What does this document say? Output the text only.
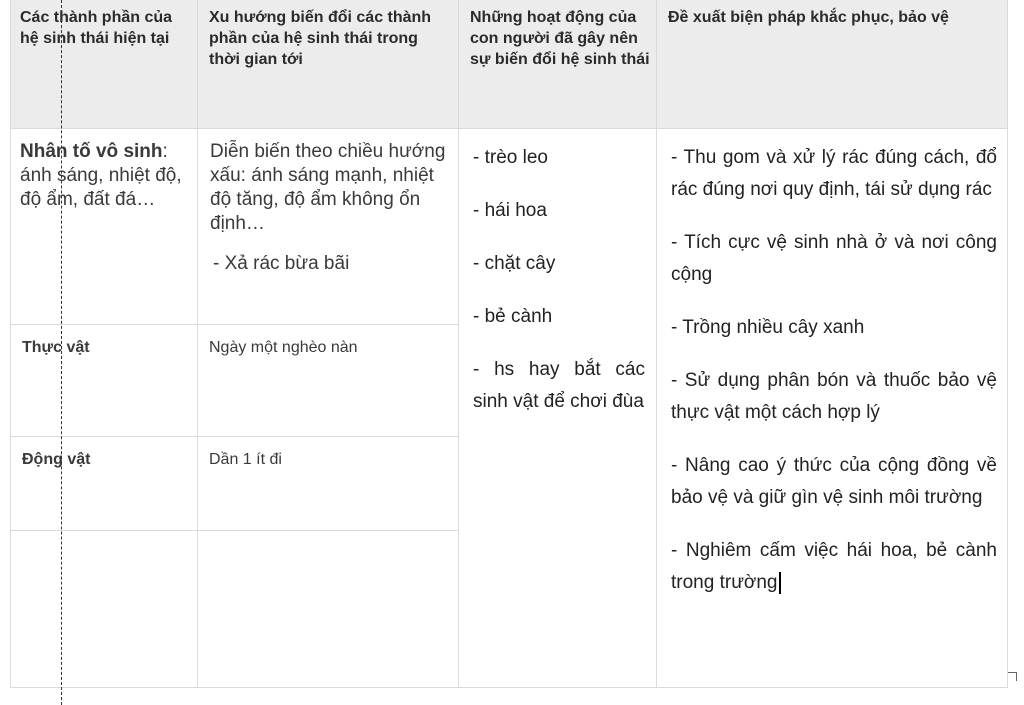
Các thành phần của hệ sinh thái hiện tại
Xu hướng biến đổi các thành phần của hệ sinh thái trong thời gian tới
Những hoạt động của con người đã gây nên sự biến đổi hệ sinh thái
Đề xuất biện pháp khắc phục, bảo vệ
Nhân tố vô sinh: ánh sáng, nhiệt độ, độ ẩm, đất đá…
Diễn biến theo chiều hướng xấu: ánh sáng mạnh, nhiệt độ tăng, độ ẩm không ổn định…
- Xả rác bừa bãi
Thực vật	Ngày một nghèo nàn
Động vật	Dần 1 ít đi
- trèo leo
- hái hoa
- chặt cây
- bẻ cành
- hs hay bắt các sinh vật để chơi đùa
- Thu gom và xử lý rác đúng cách, đổ rác đúng nơi quy định, tái sử dụng rác
- Tích cực vệ sinh nhà ở và nơi công cộng
- Trồng nhiều cây xanh
- Sử dụng phân bón và thuốc bảo vệ thực vật một cách hợp lý
- Nâng cao ý thức của cộng đồng về bảo vệ và giữ gìn vệ sinh môi trường
- Nghiêm cấm việc hái hoa, bẻ cành trong trường
